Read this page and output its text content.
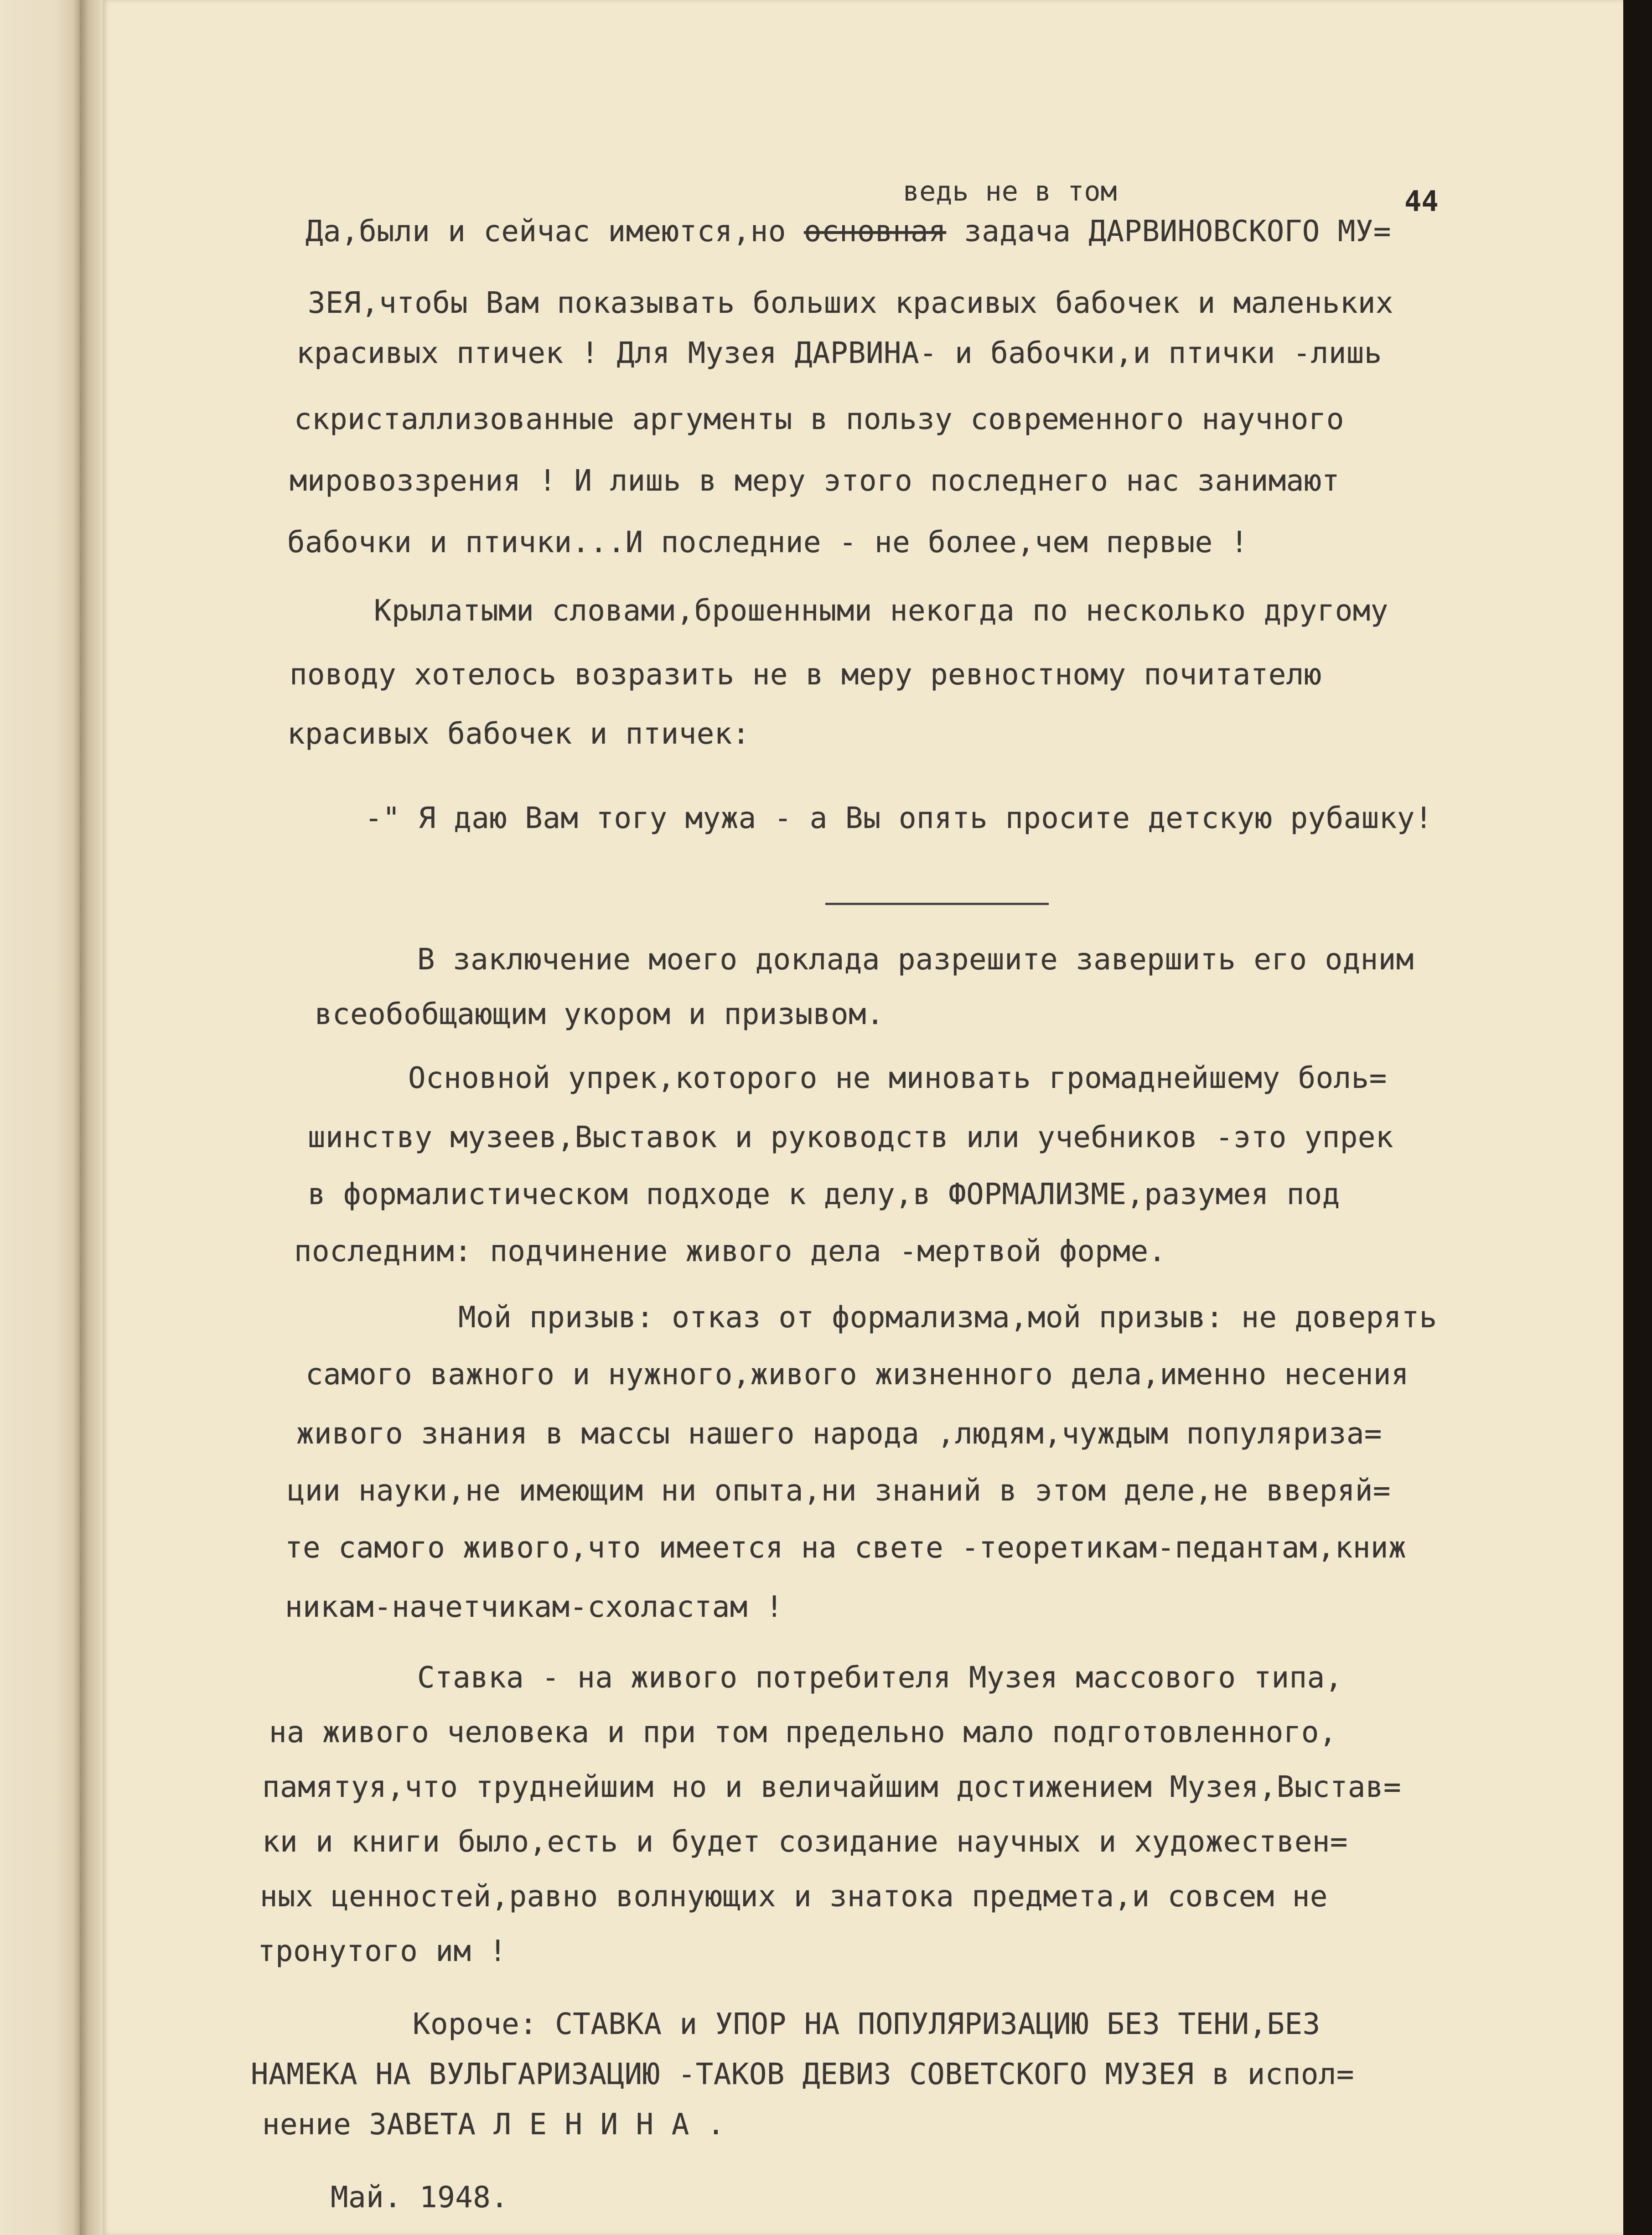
ведь не в том	44
Да,были и сейчас имеются,но основная задача ДАРВИНОВСКОГО МУ=
ЗЕЯ,чтобы Вам показывать больших красивых бабочек и маленьких
красивых птичек ! Для Музея ДАРВИНА- и бабочки,и птички -лишь
скристаллизованные аргументы в пользу современного научного
мировоззрения ! И лишь в меру этого последнего нас занимают
бабочки и птички...И последние - не более,чем первые !
Крылатыми словами,брошенными некогда по несколько другому
поводу хотелось возразить не в меру ревностному почитателю
красивых бабочек и птичек:
-" Я даю Вам тогу мужа - а Вы опять просите детскую рубашку!
В заключение моего доклада разрешите завершить его одним
всеобобщающим укором и призывом.
Основной упрек,которого не миновать громаднейшему боль=
шинству музеев,Выставок и руководств или учебников -это упрек
в формалистическом подходе к делу,в ФОРМАЛИЗМЕ,разумея под
последним: подчинение живого дела -мертвой форме.
Мой призыв: отказ от формализма,мой призыв: не доверять
самого важного и нужного,живого жизненного дела,именно несения
живого знания в массы нашего народа ,людям,чуждым популяриза=
ции науки,не имеющим ни опыта,ни знаний в этом деле,не вверяй=
те самого живого,что имеется на свете -теоретикам-педантам,книж
никам-начетчикам-схоластам !
Ставка - на живого потребителя Музея массового типа,
на живого человека и при том предельно мало подготовленного,
памятуя,что труднейшим но и величайшим достижением Музея,Выстав=
ки и книги было,есть и будет созидание научных и художествен=
ных ценностей,равно волнующих и знатока предмета,и совсем не
тронутого им !
Короче: СТАВКА и УПОР НА ПОПУЛЯРИЗАЦИЮ БЕЗ ТЕНИ,БЕЗ
НАМЕКА НА ВУЛЬГАРИЗАЦИЮ -ТАКОВ ДЕВИЗ СОВЕТСКОГО МУЗЕЯ в испол=
нение ЗАВЕТА Л Е Н И Н А .
Май. 1948.
